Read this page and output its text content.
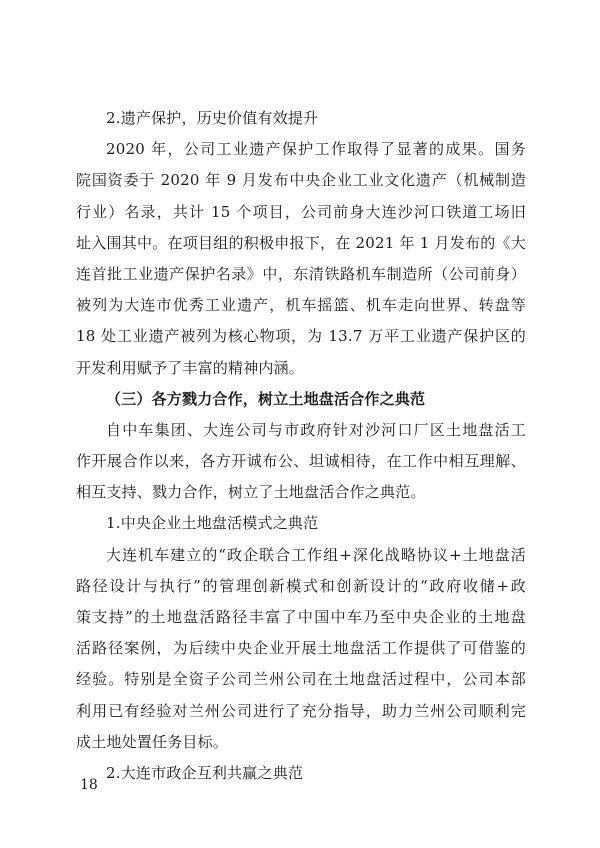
2.遗产保护，历史价值有效提升
2020 年，公司工业遗产保护工作取得了显著的成果。国务
院国资委于 2020 年 9 月发布中央企业工业文化遗产（机械制造
行业）名录，共计 15 个项目，公司前身大连沙河口铁道工场旧
址入围其中。在项目组的积极申报下，在 2021 年 1 月发布的《大
连首批工业遗产保护名录》中，东清铁路机车制造所（公司前身）
被列为大连市优秀工业遗产，机车摇篮、机车走向世界、转盘等
18 处工业遗产被列为核心物项，为 13.7 万平工业遗产保护区的
开发利用赋予了丰富的精神内涵。
（三）各方戮力合作，树立土地盘活合作之典范
自中车集团、大连公司与市政府针对沙河口厂区土地盘活工
作开展合作以来，各方开诚布公、坦诚相待，在工作中相互理解、
相互支持、戮力合作，树立了土地盘活合作之典范。
1.中央企业土地盘活模式之典范
大连机车建立的“政企联合工作组+深化战略协议+土地盘活
路径设计与执行”的管理创新模式和创新设计的“政府收储+政
策支持”的土地盘活路径丰富了中国中车乃至中央企业的土地盘
活路径案例，为后续中央企业开展土地盘活工作提供了可借鉴的
经验。特别是全资子公司兰州公司在土地盘活过程中，公司本部
利用已有经验对兰州公司进行了充分指导，助力兰州公司顺利完
成土地处置任务目标。
2.大连市政企互利共赢之典范
18
